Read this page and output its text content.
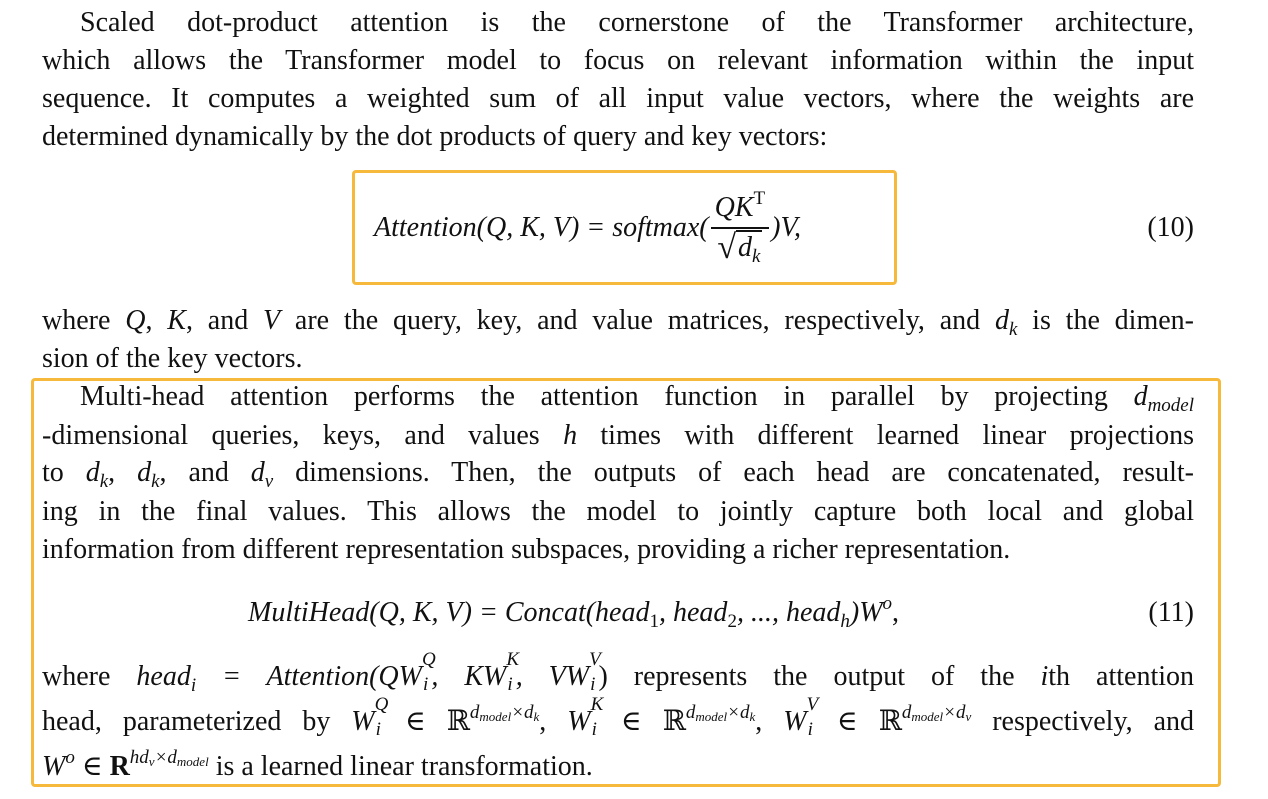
Scaled dot-product attention is the cornerstone of the Transformer architecture,
which allows the Transformer model to focus on relevant information within the input
sequence. It computes a weighted sum of all input value vectors, where the weights are
determined dynamically by the dot products of query and key vectors:
Attention(Q, K, V) = softmax( $\frac{QK^T}{√d_k} )V$,	(10)
where Q, K, and V are the query, key, and value matrices, respectively, and $d_k$ is the dimen-
sion of the key vectors.
Multi-head attention performs the attention function in parallel by projecting $d_{model}$
-dimensional queries, keys, and values h times with different learned linear projections
to $d_k$, $d_k$, and $d_v$ dimensions. Then, the outputs of each head are concatenated, result-
ing in the final values. This allows the model to jointly capture both local and global
information from different representation subspaces, providing a richer representation.
MultiHead(Q, K, V) = Concat(head$_1$, head$_2$, ..., $head_h)W^o$,	(11)
where head$_i$ = Attention(QW
Q
i
     , KW
K
i
     , VW
V
i
     ) represents the output of the ith attention
head, parameterized by W
Q
i
     ∈ ℝ$^{dmodel\times dk}$, W
K
i
     ∈ ℝ$^{dmodel\times dk}$, W
V
i
     ∈ ℝ$^{dmodel\times dv}$ respectively, and
$W^o$ ∈ $R^{hdv\times dmodel}$ is a learned linear transformation.
